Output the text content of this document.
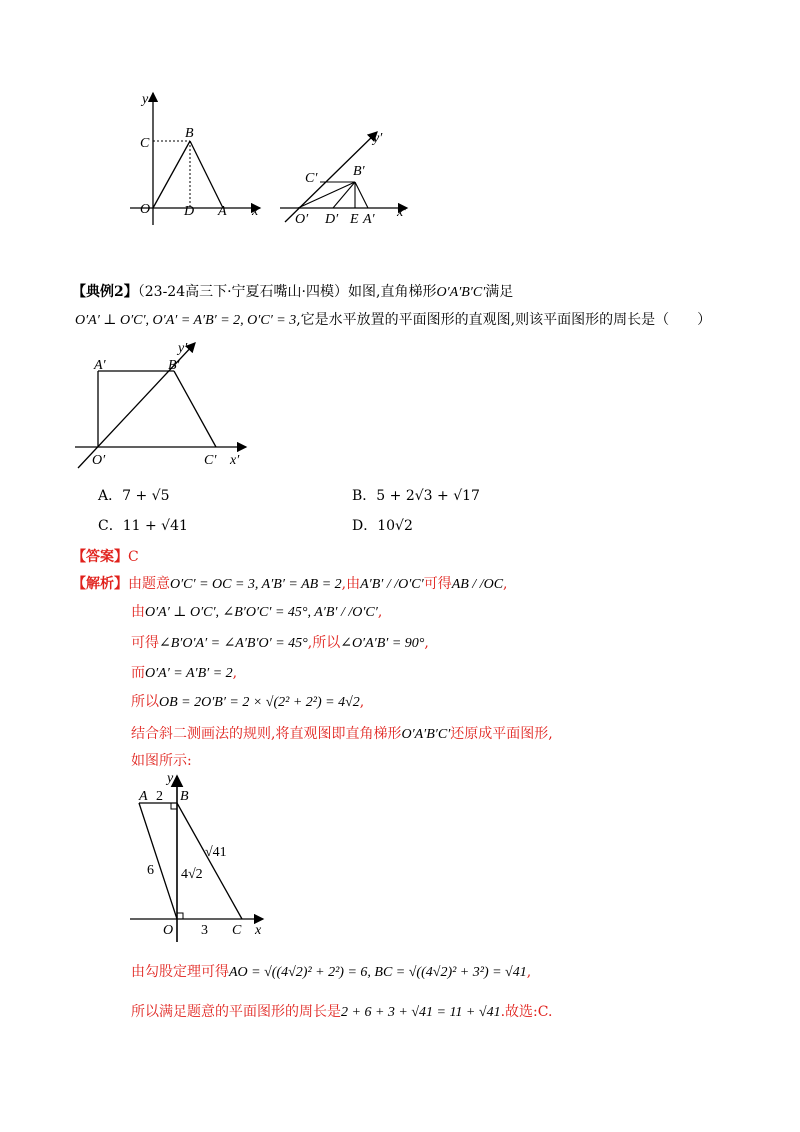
y
C
B
O D A x
y′
C′	B′
O′ D′ E A′ x′
【典例2】（23-24高三下·宁夏石嘴山·四模）如图,直角梯形O′A′B′C′满足
O′A′ ⊥ O′C′, O′A′ = A′B′ = 2, O′C′ = 3,它是水平放置的平面图形的直观图,则该平面图形的周长是（　　）
A′	B′
y′
O′	C′ x′
A．7 + √5	B．5 + 2√3 + √17
C．11 + √41	D．10√2
【答案】C
【解析】由题意O′C′ = OC = 3, A′B′ = AB = 2,由A′B′ / /O′C′可得AB / /OC,
由O′A′ ⊥ O′C′, ∠B′O′C′ = 45°, A′B′ / /O′C′,
可得∠B′O′A′ = ∠A′B′O′ = 45°,所以∠O′A′B′ = 90°,
而O′A′ = A′B′ = 2,
所以OB = 2O′B′ = 2 × √(2² + 2²) = 4√2,
结合斜二测画法的规则,将直观图即直角梯形O′A′B′C′还原成平面图形,
如图所示:
y
A 2 B
√41
6 4√2
O 3 C x
由勾股定理可得AO = √((4√2)² + 2²) = 6, BC = √((4√2)² + 3²) = √41,
所以满足题意的平面图形的周长是2 + 6 + 3 + √41 = 11 + √41.故选:C.
